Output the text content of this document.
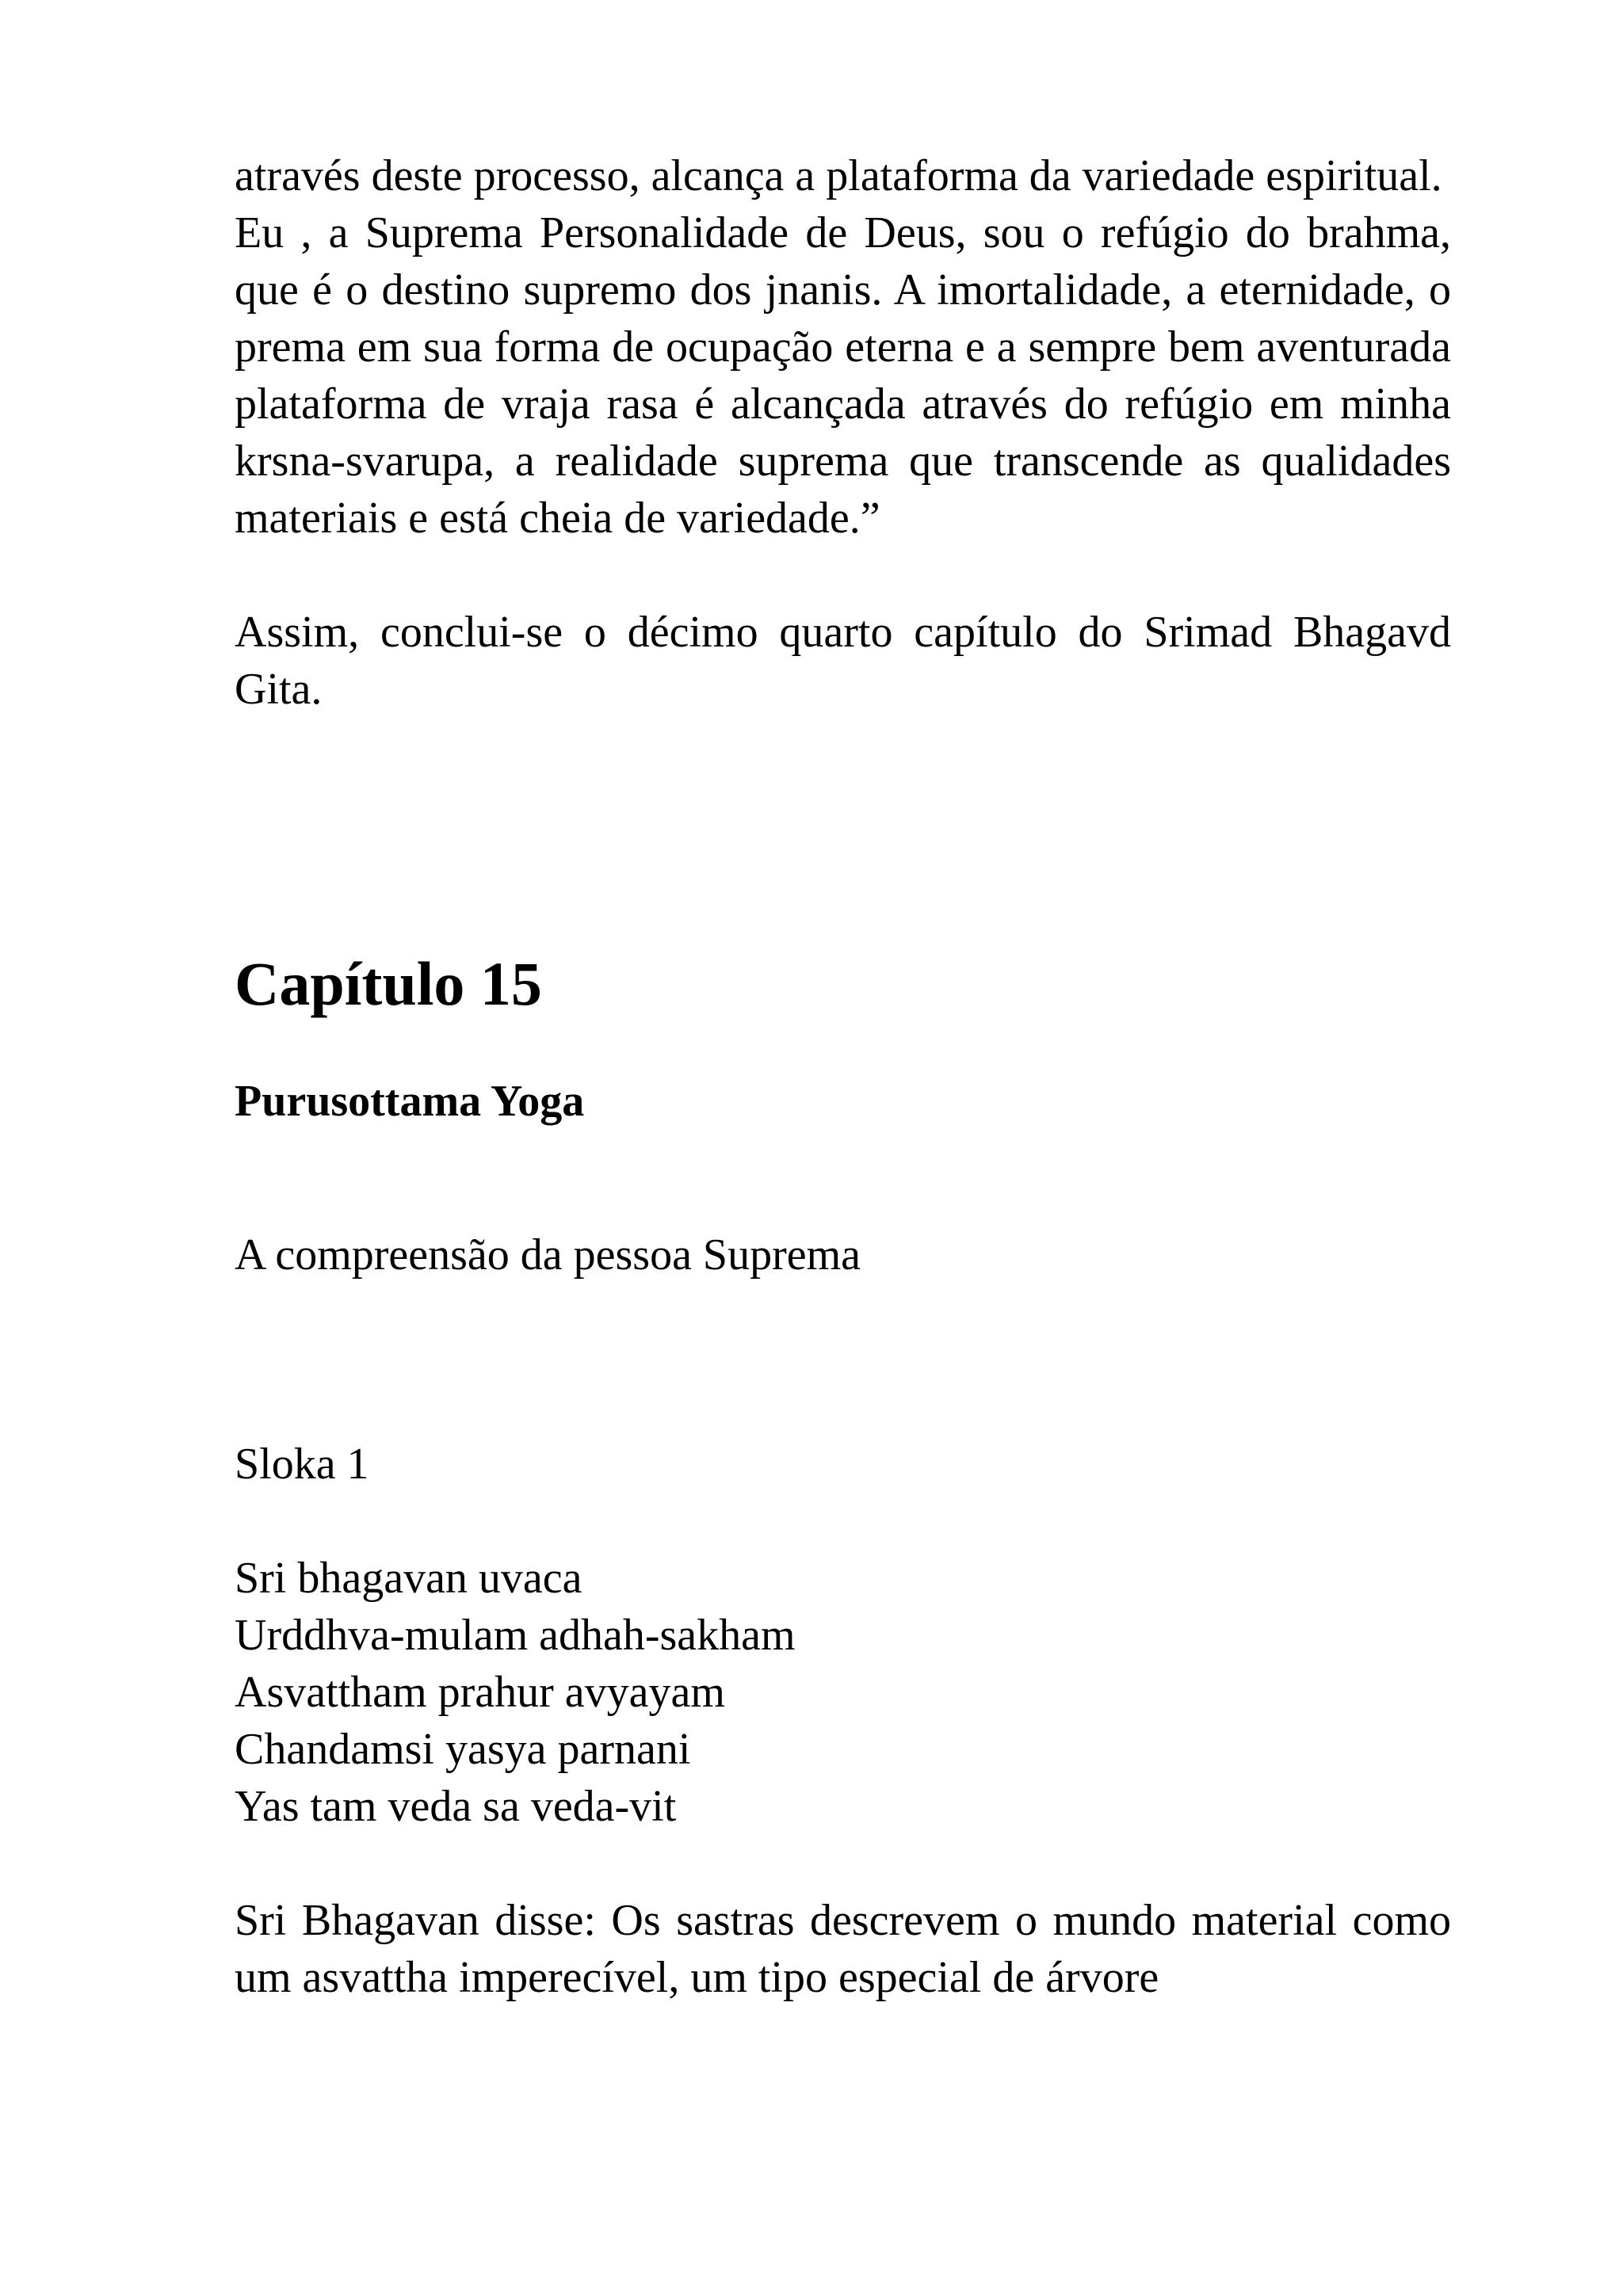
através deste processo, alcança a plataforma da variedade espiritual.

Eu , a Suprema Personalidade de Deus, sou o refúgio do brahma, que é o destino supremo dos jnanis. A imortalidade, a eternidade, o prema em sua forma de ocupação eterna e a sempre bem aventurada plataforma de vraja rasa é alcançada através do refúgio em minha krsna-svarupa, a realidade suprema que transcende as qualidades materiais e está cheia de variedade.”

Assim, conclui-se o décimo quarto capítulo do Srimad Bhagavd Gita.

Capítulo 15
Purusottama Yoga

A compreensão da pessoa Suprema

Sloka 1

Sri bhagavan uvaca

Urddhva-mulam adhah-sakham

Asvattham prahur avyayam

Chandamsi yasya parnani

Yas tam veda sa veda-vit

Sri Bhagavan disse: Os sastras descrevem o mundo material como um asvattha imperecível, um tipo especial de árvore
